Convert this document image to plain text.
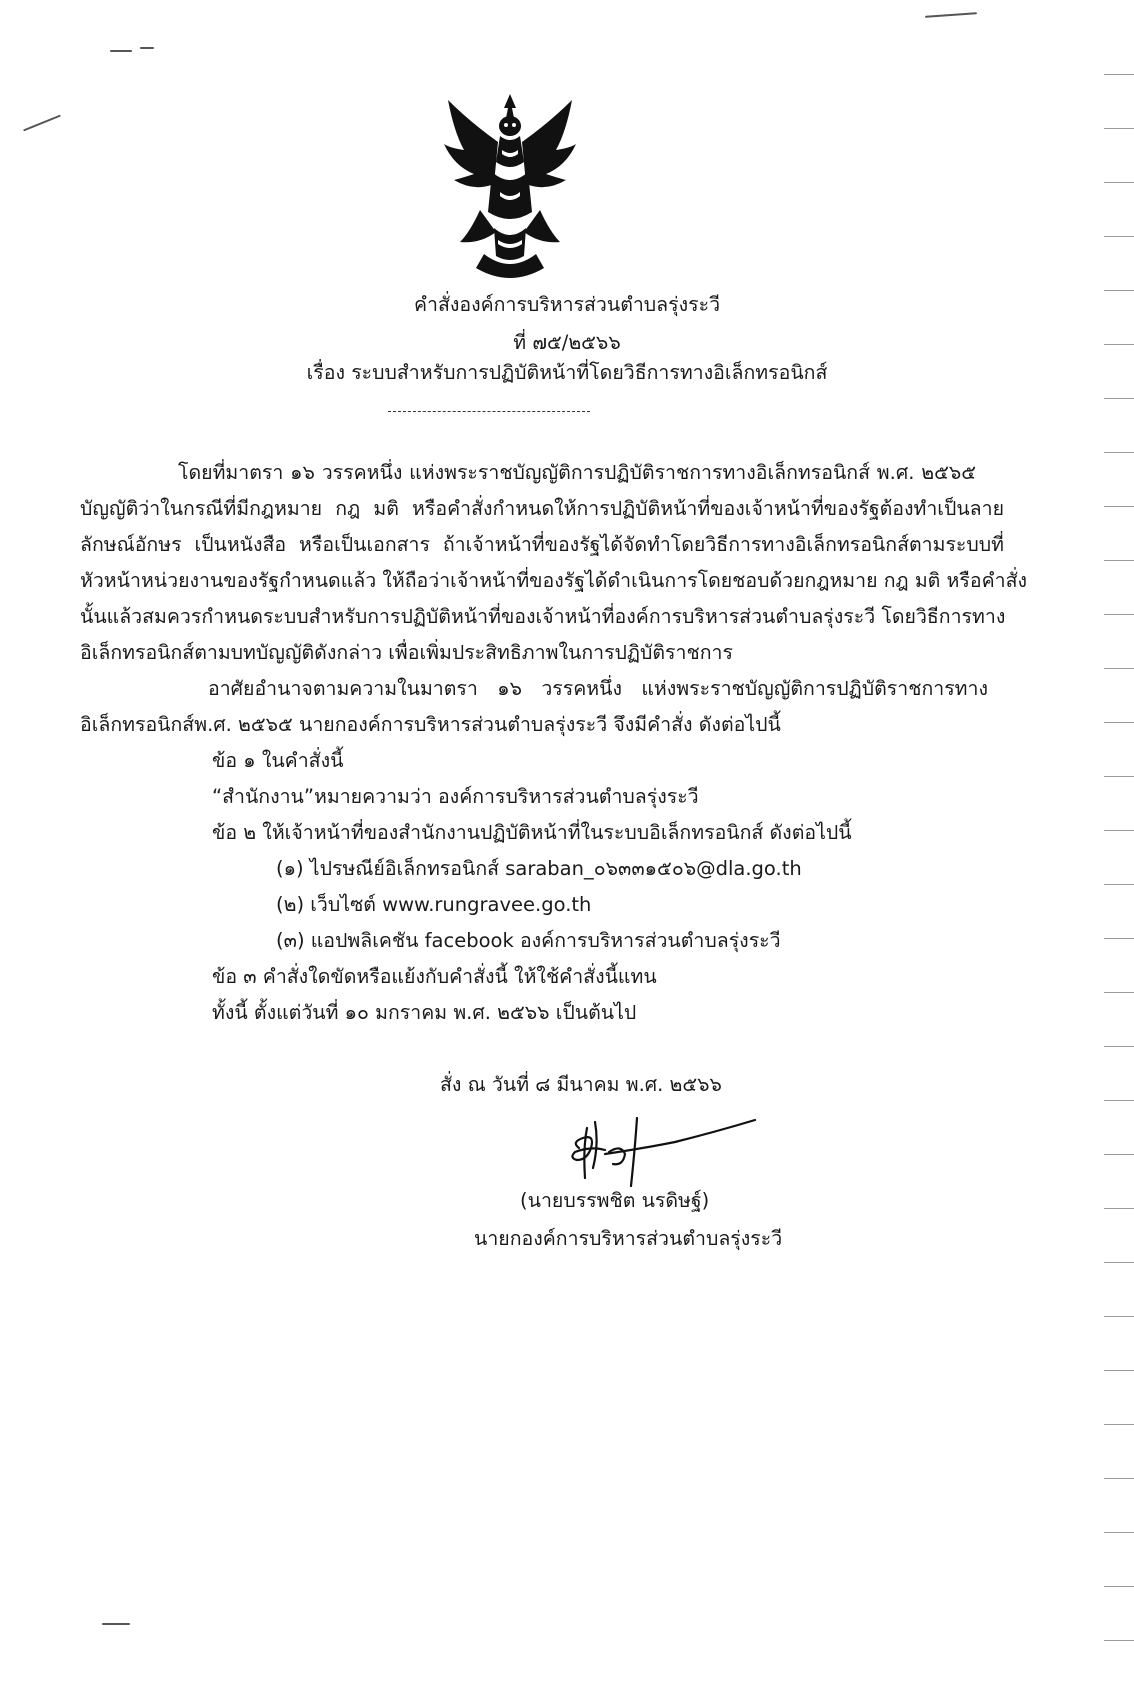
คำสั่งองค์การบริหารส่วนตำบลรุ่งระวี
ที่ ๗๕/๒๕๖๖
เรื่อง ระบบสำหรับการปฏิบัติหน้าที่โดยวิธีการทางอิเล็กทรอนิกส์
โดยที่มาตรา ๑๖ วรรคหนึ่ง แห่งพระราชบัญญัติการปฏิบัติราชการทางอิเล็กทรอนิกส์ พ.ศ. ๒๕๖๕
บัญญัติว่าในกรณีที่มีกฎหมาย กฎ มติ หรือคำสั่งกำหนดให้การปฏิบัติหน้าที่ของเจ้าหน้าที่ของรัฐต้องทำเป็นลาย
ลักษณ์อักษร เป็นหนังสือ หรือเป็นเอกสาร ถ้าเจ้าหน้าที่ของรัฐได้จัดทำโดยวิธีการทางอิเล็กทรอนิกส์ตามระบบที่
หัวหน้าหน่วยงานของรัฐกำหนดแล้ว ให้ถือว่าเจ้าหน้าที่ของรัฐได้ดำเนินการโดยชอบด้วยกฎหมาย กฎ มติ หรือคำสั่ง
นั้นแล้วสมควรกำหนดระบบสำหรับการปฏิบัติหน้าที่ของเจ้าหน้าที่องค์การบริหารส่วนตำบลรุ่งระวี โดยวิธีการทาง
อิเล็กทรอนิกส์ตามบทบัญญัติดังกล่าว เพื่อเพิ่มประสิทธิภาพในการปฏิบัติราชการ
อาศัยอำนาจตามความในมาตรา ๑๖ วรรคหนึ่ง แห่งพระราชบัญญัติการปฏิบัติราชการทาง
อิเล็กทรอนิกส์พ.ศ. ๒๕๖๕ นายกองค์การบริหารส่วนตำบลรุ่งระวี จึงมีคำสั่ง ดังต่อไปนี้
ข้อ ๑ ในคำสั่งนี้
“สำนักงาน”หมายความว่า องค์การบริหารส่วนตำบลรุ่งระวี
ข้อ ๒ ให้เจ้าหน้าที่ของสำนักงานปฏิบัติหน้าที่ในระบบอิเล็กทรอนิกส์ ดังต่อไปนี้
(๑) ไปรษณีย์อิเล็กทรอนิกส์ saraban_๐๖๓๓๑๕๐๖@dla.go.th
(๒) เว็บไซต์ www.rungravee.go.th
(๓) แอปพลิเคชัน facebook องค์การบริหารส่วนตำบลรุ่งระวี
ข้อ ๓ คำสั่งใดขัดหรือแย้งกับคำสั่งนี้ ให้ใช้คำสั่งนี้แทน
ทั้งนี้ ตั้งแต่วันที่ ๑๐ มกราคม พ.ศ. ๒๕๖๖ เป็นต้นไป
สั่ง ณ วันที่ ๘ มีนาคม พ.ศ. ๒๕๖๖
(นายบรรพชิต นรดิษฐ์)
นายกองค์การบริหารส่วนตำบลรุ่งระวี
